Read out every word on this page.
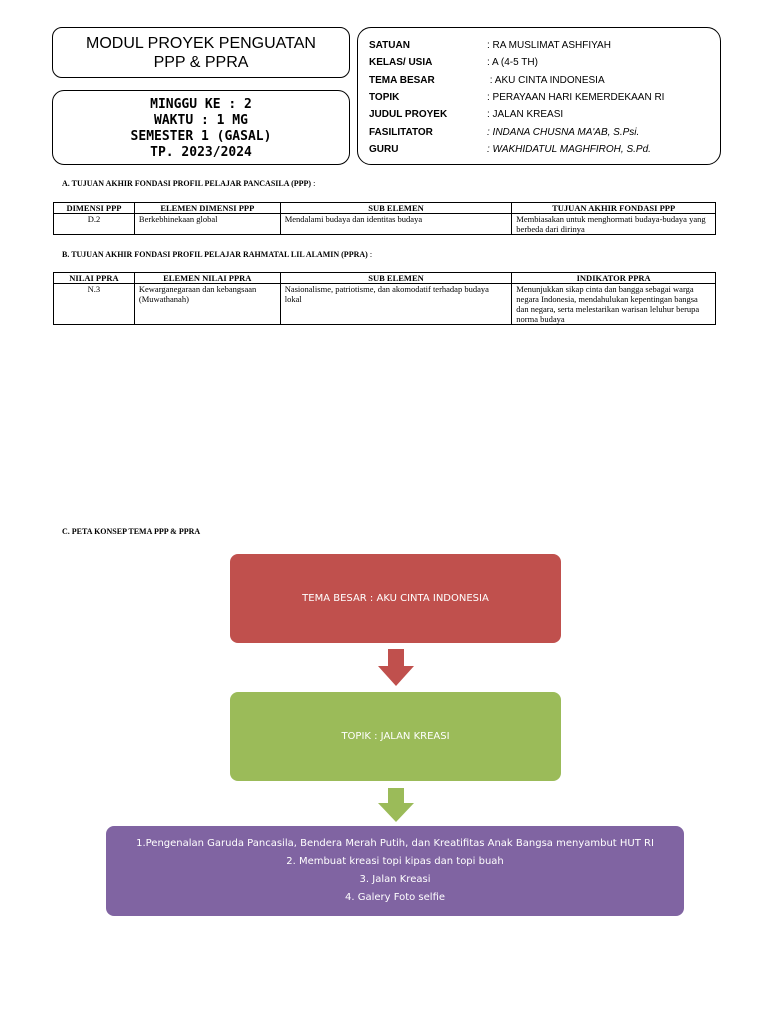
MODUL PROYEK PENGUATAN
PPP & PPRA
MINGGU KE : 2
WAKTU : 1 MG
SEMESTER 1 (GASAL)
TP. 2023/2024
SATUAN	: RA MUSLIMAT ASHFIYAH
KELAS/ USIA	: A (4-5 TH)
TEMA BESAR	: AKU CINTA INDONESIA
TOPIK	: PERAYAAN HARI KEMERDEKAAN RI
JUDUL PROYEK	: JALAN KREASI
FASILITATOR	: INDANA CHUSNA MA'AB, S.Psi.
GURU	: WAKHIDATUL MAGHFIROH, S.Pd.
A. TUJUAN AKHIR FONDASI PROFIL PELAJAR PANCASILA (PPP) :
DIMENSI PPP	ELEMEN DIMENSI PPP	SUB ELEMEN	TUJUAN AKHIR FONDASI PPP
D.2	Berkebhinekaan global	Mendalami budaya dan identitas budaya	Membiasakan untuk menghormati budaya-budaya yang berbeda dari dirinya
B. TUJUAN AKHIR FONDASI PROFIL PELAJAR RAHMATAL LIL ALAMIN (PPRA) :
NILAI PPRA	ELEMEN NILAI PPRA	SUB ELEMEN	INDIKATOR PPRA
N.3	Kewarganegaraan dan kebangsaan (Muwathanah)	Nasionalisme, patriotisme, dan akomodatif terhadap budaya lokal	Menunjukkan sikap cinta dan bangga sebagai warga negara Indonesia, mendahulukan kepentingan bangsa dan negara, serta melestarikan warisan leluhur berupa norma budaya
C. PETA KONSEP TEMA PPP & PPRA
TEMA BESAR : AKU CINTA INDONESIA
TOPIK : JALAN KREASI
1.Pengenalan Garuda Pancasila, Bendera Merah Putih, dan Kreatifitas Anak Bangsa menyambut HUT RI
2. Membuat kreasi topi kipas dan topi buah
3. Jalan Kreasi
4. Galery Foto selfie
